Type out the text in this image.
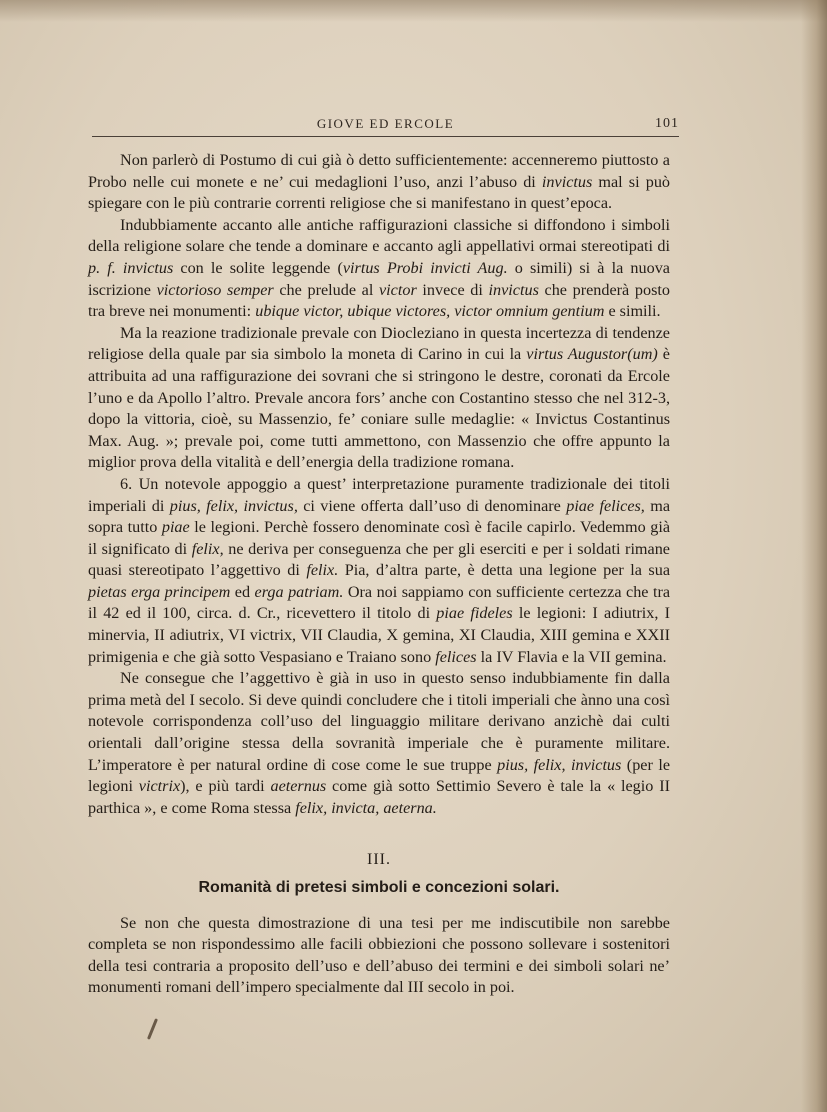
GIOVE ED ERCOLE	101

Non parlerò di Postumo di cui già ò detto sufficientemente: accenneremo piuttosto a Probo nelle cui monete e ne’ cui medaglioni l’uso, anzi l’abuso di invictus mal si può spiegare con le più contrarie correnti religiose che si manifestano in quest’epoca.

Indubbiamente accanto alle antiche raffigurazioni classiche si diffondono i simboli della religione solare che tende a dominare e accanto agli appellativi ormai stereotipati di p. f. invictus con le solite leggende (virtus Probi invicti Aug. o simili) si à la nuova iscrizione victorioso semper che prelude al victor invece di invictus che prenderà posto tra breve nei monumenti: ubique victor, ubique victores, victor omnium gentium e simili.

Ma la reazione tradizionale prevale con Diocleziano in questa incertezza di tendenze religiose della quale par sia simbolo la moneta di Carino in cui la virtus Augustor(um) è attribuita ad una raffigurazione dei sovrani che si stringono le destre, coronati da Ercole l’uno e da Apollo l’altro. Prevale ancora fors’ anche con Costantino stesso che nel 312-3, dopo la vittoria, cioè, su Massenzio, fe’ coniare sulle medaglie: « Invictus Costantinus Max. Aug. »; prevale poi, come tutti ammettono, con Massenzio che offre appunto la miglior prova della vitalità e dell’energia della tradizione romana.

6. Un notevole appoggio a quest’ interpretazione puramente tradizionale dei titoli imperiali di pius, felix, invictus, ci viene offerta dall’uso di denominare piae felices, ma sopra tutto piae le legioni. Perchè fossero denominate così è facile capirlo. Vedemmo già il significato di felix, ne deriva per conseguenza che per gli eserciti e per i soldati rimane quasi stereotipato l’aggettivo di felix. Pia, d’altra parte, è detta una legione per la sua pietas erga principem ed erga patriam. Ora noi sappiamo con sufficiente certezza che tra il 42 ed il 100, circa. d. Cr., ricevettero il titolo di piae fideles le legioni: I adiutrix, I minervia, II adiutrix, VI victrix, VII Claudia, X gemina, XI Claudia, XIII gemina e XXII primigenia e che già sotto Vespasiano e Traiano sono felices la IV Flavia e la VII gemina.

Ne consegue che l’aggettivo è già in uso in questo senso indubbiamente fin dalla prima metà del I secolo. Si deve quindi concludere che i titoli imperiali che ànno una così notevole corrispondenza coll’uso del linguaggio militare derivano anzichè dai culti orientali dall’origine stessa della sovranità imperiale che è puramente militare. L’imperatore è per natural ordine di cose come le sue truppe pius, felix, invictus (per le legioni victrix), e più tardi aeternus come già sotto Settimio Severo è tale la « legio II parthica », e come Roma stessa felix, invicta, aeterna.

III.
Romanità di pretesi simboli e concezioni solari.

Se non che questa dimostrazione di una tesi per me indiscutibile non sarebbe completa se non rispondessimo alle facili obbiezioni che possono sollevare i sostenitori della tesi contraria a proposito dell’uso e dell’abuso dei termini e dei simboli solari ne’ monumenti romani dell’impero specialmente dal III secolo in poi.
